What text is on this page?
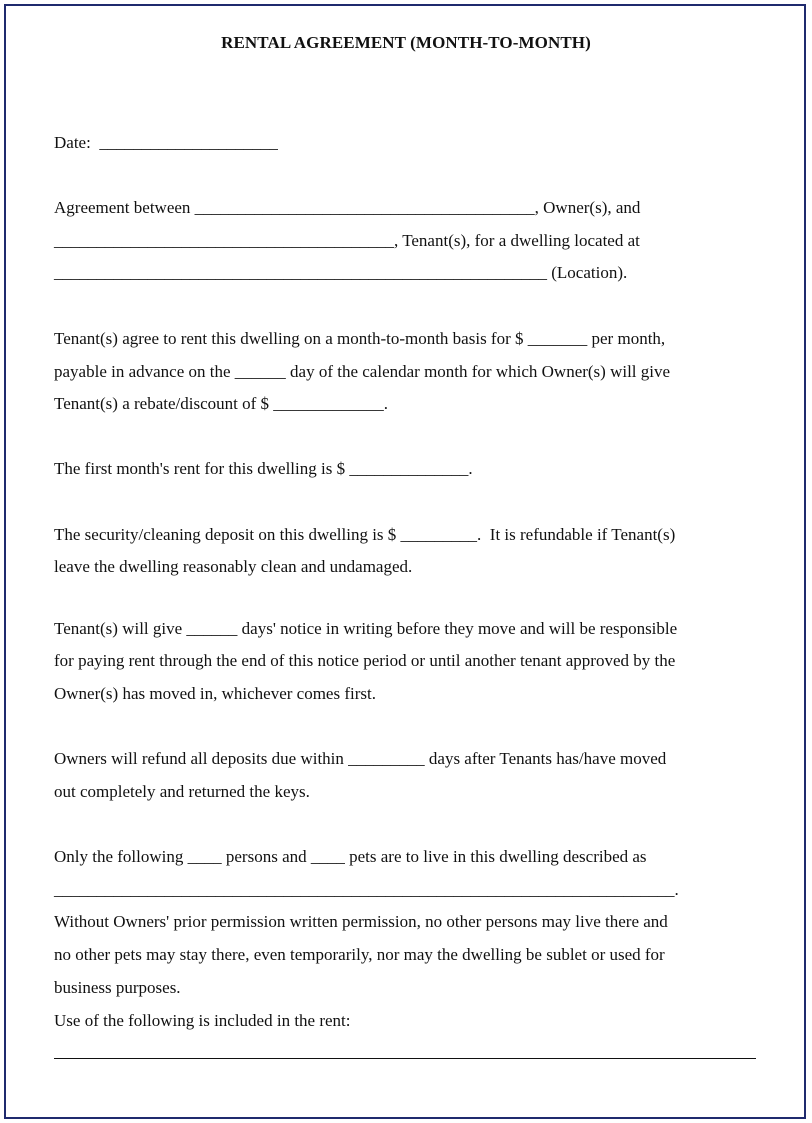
RENTAL AGREEMENT (MONTH-TO-MONTH)
Date:  _____________________
Agreement between ________________________________________, Owner(s), and
________________________________________, Tenant(s), for a dwelling located at
__________________________________________________________ (Location).
Tenant(s) agree to rent this dwelling on a month-to-month basis for $ _______ per month,
payable in advance on the ______ day of the calendar month for which Owner(s) will give
Tenant(s) a rebate/discount of $ _____________.
The first month's rent for this dwelling is $ ______________.
The security/cleaning deposit on this dwelling is $ _________.  It is refundable if Tenant(s)
leave the dwelling reasonably clean and undamaged.
Tenant(s) will give ______ days' notice in writing before they move and will be responsible
for paying rent through the end of this notice period or until another tenant approved by the
Owner(s) has moved in, whichever comes first.
Owners will refund all deposits due within _________ days after Tenants has/have moved
out completely and returned the keys.
Only the following ____ persons and ____ pets are to live in this dwelling described as
_________________________________________________________________________.
Without Owners' prior permission written permission, no other persons may live there and
no other pets may stay there, even temporarily, nor may the dwelling be sublet or used for
business purposes.
Use of the following is included in the rent:
